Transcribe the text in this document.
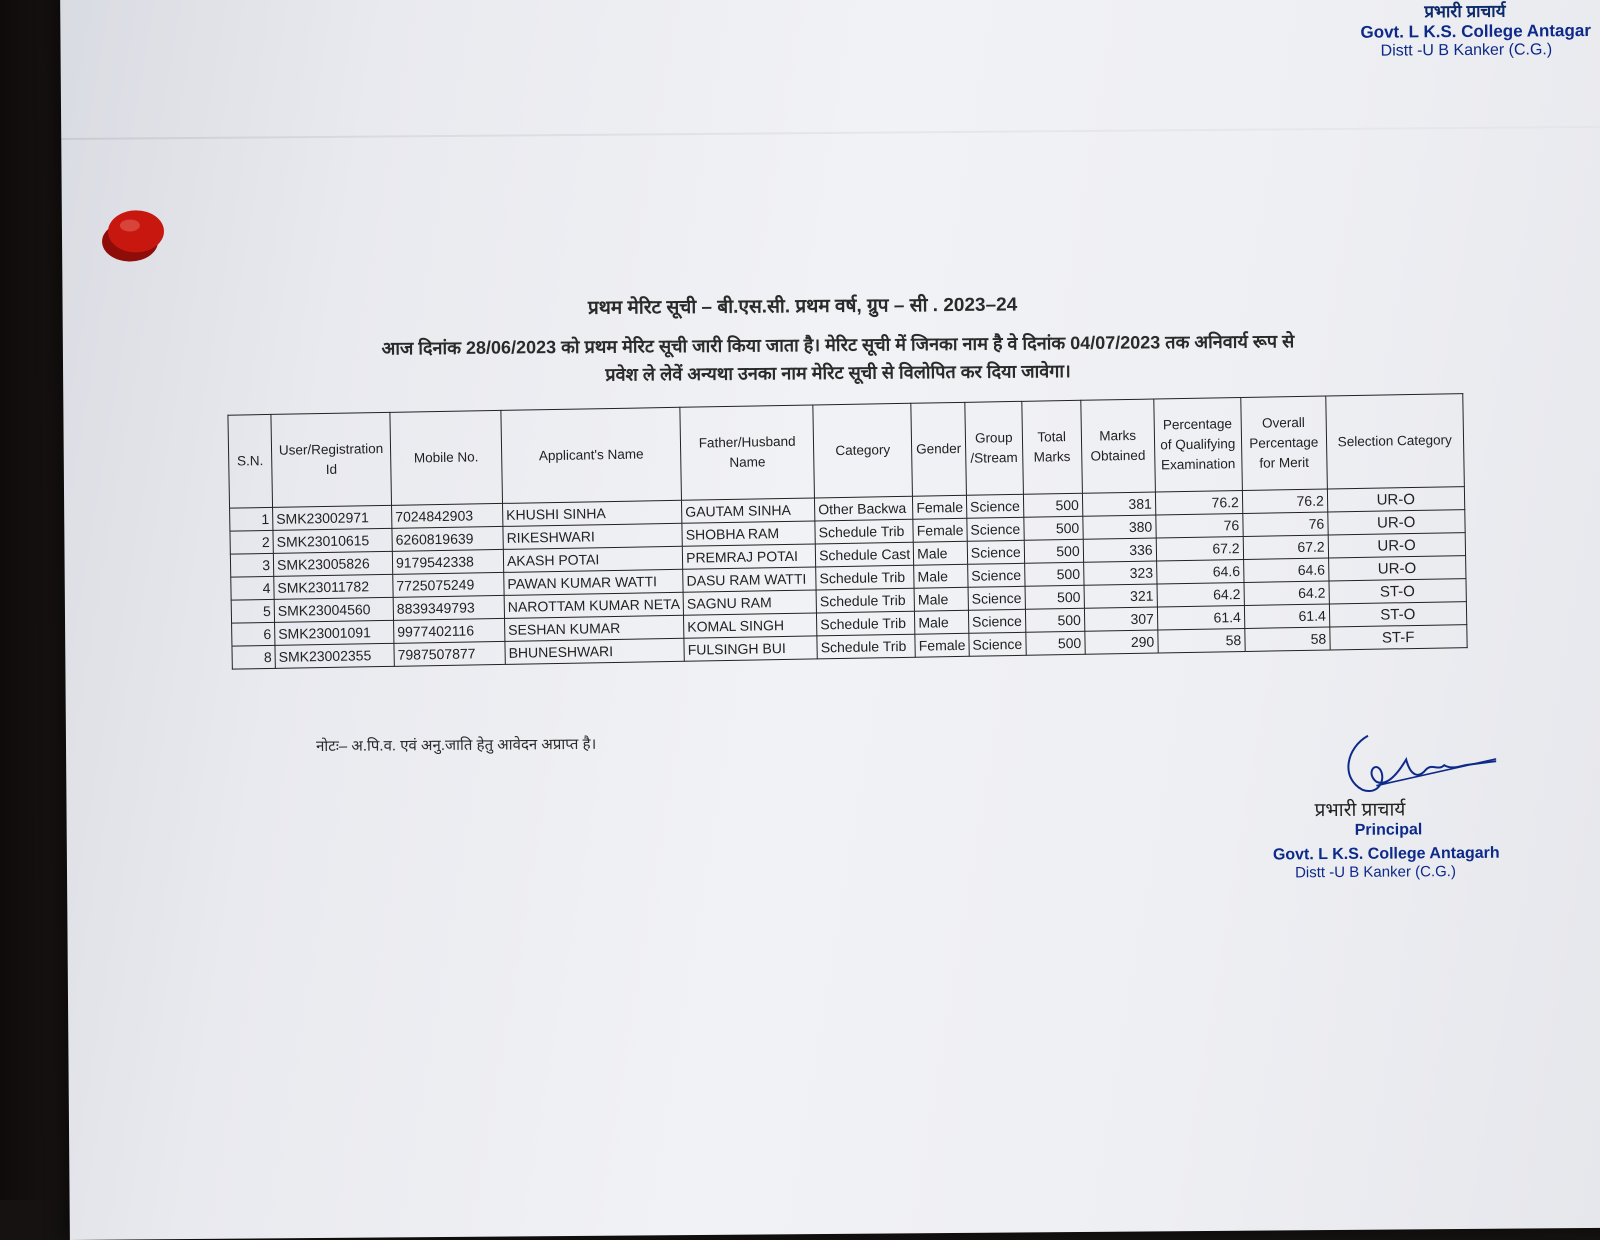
प्रभारी प्राचार्य
Govt. L K.S. College Antagar
Distt -U B Kanker (C.G.)
प्रथम मेरिट सूची – बी.एस.सी. प्रथम वर्ष, ग्रुप – सी . 2023–24
आज दिनांक 28/06/2023 को प्रथम मेरिट सूची जारी किया जाता है। मेरिट सूची में जिनका नाम है वे दिनांक 04/07/2023 तक अनिवार्य रूप से
प्रवेश ले लेवें अन्यथा उनका नाम मेरिट सूची से विलोपित कर दिया जावेगा।
S.N.	User/Registration Id	Mobile No.	Applicant's Name	Father/Husband Name	Category	Gender	Group /Stream	Total Marks	Marks Obtained	Percentage of Qualifying Examination	Overall Percentage for Merit	Selection Category
1	SMK23002971	7024842903	KHUSHI SINHA	GAUTAM SINHA	Other Backwa	Female	Science	500	381	76.2	76.2	UR-O
2	SMK23010615	6260819639	RIKESHWARI	SHOBHA RAM	Schedule Trib	Female	Science	500	380	76	76	UR-O
3	SMK23005826	9179542338	AKASH POTAI	PREMRAJ POTAI	Schedule Cast	Male	Science	500	336	67.2	67.2	UR-O
4	SMK23011782	7725075249	PAWAN KUMAR WATTI	DASU RAM WATTI	Schedule Trib	Male	Science	500	323	64.6	64.6	UR-O
5	SMK23004560	8839349793	NAROTTAM KUMAR NETA	SAGNU RAM	Schedule Trib	Male	Science	500	321	64.2	64.2	ST-O
6	SMK23001091	9977402116	SESHAN KUMAR	KOMAL SINGH	Schedule Trib	Male	Science	500	307	61.4	61.4	ST-O
8	SMK23002355	7987507877	BHUNESHWARI	FULSINGH BUI	Schedule Trib	Female	Science	500	290	58	58	ST-F
नोटः– अ.पि.व. एवं अनु.जाति हेतु आवेदन अप्राप्त है।
प्रभारी प्राचार्य
Principal
Govt. L K.S. College Antagarh
Distt -U B Kanker (C.G.)
